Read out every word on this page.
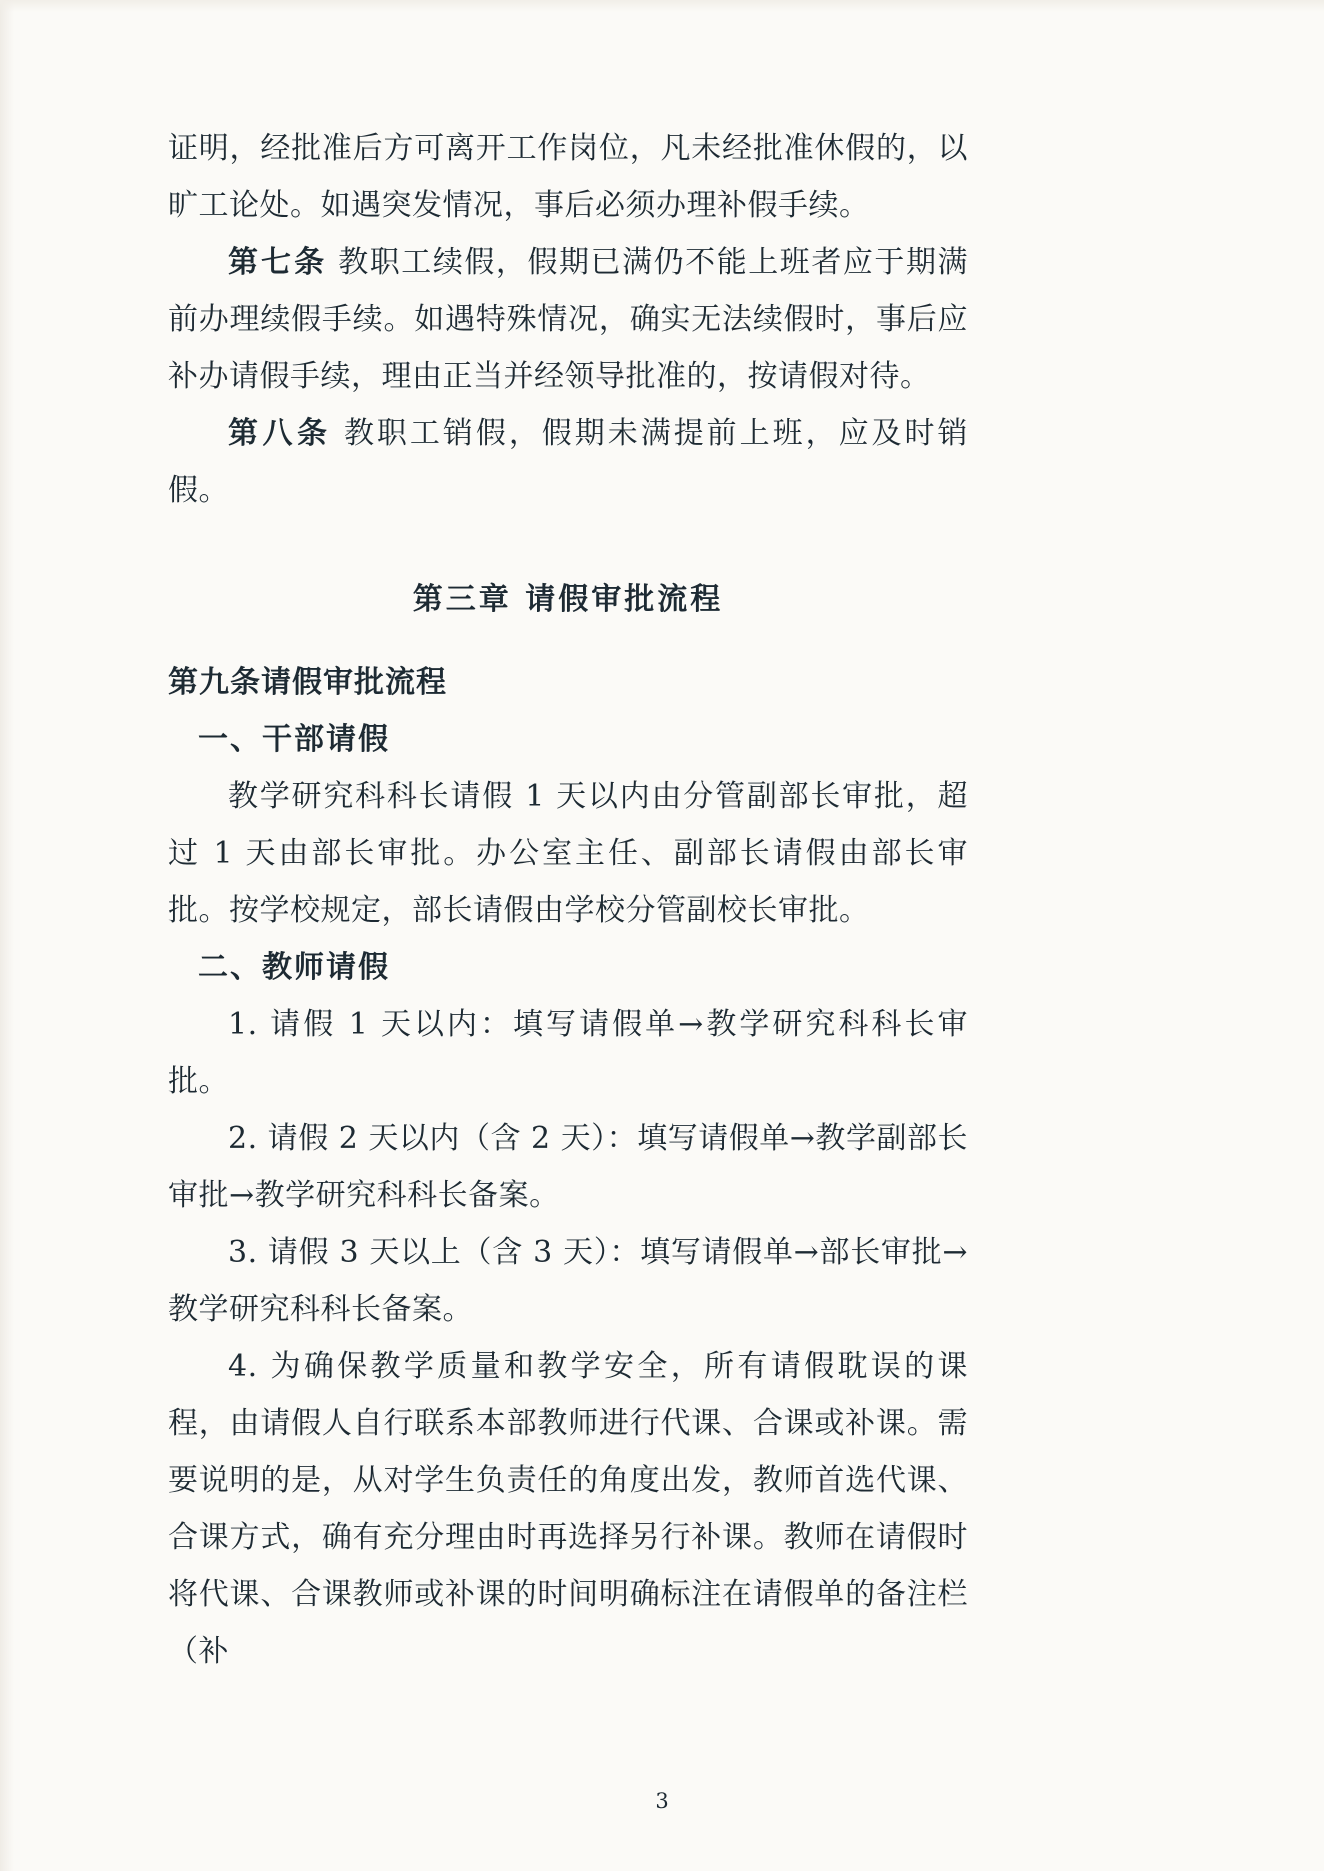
证明，经批准后方可离开工作岗位，凡未经批准休假的，以旷工论处。如遇突发情况，事后必须办理补假手续。

第七条 教职工续假，假期已满仍不能上班者应于期满前办理续假手续。如遇特殊情况，确实无法续假时，事后应补办请假手续，理由正当并经领导批准的，按请假对待。

第八条 教职工销假，假期未满提前上班，应及时销假。

第三章 请假审批流程
第九条请假审批流程
一、干部请假

教学研究科科长请假 1 天以内由分管副部长审批，超过 1 天由部长审批。办公室主任、副部长请假由部长审批。按学校规定，部长请假由学校分管副校长审批。

二、教师请假

1. 请假 1 天以内：填写请假单→教学研究科科长审批。

2. 请假 2 天以内（含 2 天）：填写请假单→教学副部长审批→教学研究科科长备案。

3. 请假 3 天以上（含 3 天）：填写请假单→部长审批→教学研究科科长备案。

4. 为确保教学质量和教学安全，所有请假耽误的课程，由请假人自行联系本部教师进行代课、合课或补课。需要说明的是，从对学生负责任的角度出发，教师首选代课、合课方式，确有充分理由时再选择另行补课。教师在请假时将代课、合课教师或补课的时间明确标注在请假单的备注栏（补

3
